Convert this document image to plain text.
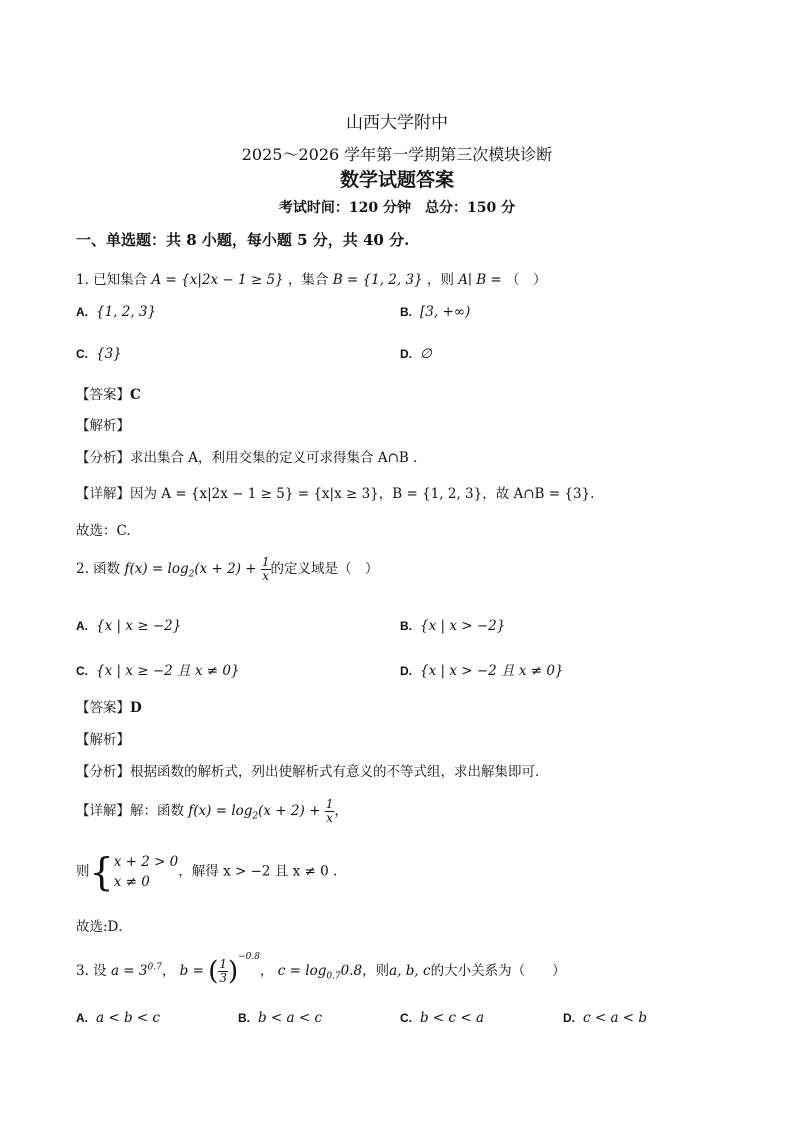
山西大学附中
2025～2026 学年第一学期第三次模块诊断
数学试题答案
考试时间：120 分钟　总分：150 分
一、单选题：共 8 小题，每小题 5 分，共 40 分.
1. 已知集合 A = {x|2x − 1 ≥ 5} ，集合 B = {1, 2, 3} ，则 A∣ B = （　）
A. {1, 2, 3}	B. [3, +∞)
C. {3}	D. ∅
【答案】C
【解析】
【分析】求出集合 A，利用交集的定义可求得集合 A∩B .
【详解】因为 A = {x|2x − 1 ≥ 5} = {x|x ≥ 3}，B = {1, 2, 3}，故 A∩B = {3}.
故选：C.
2. 函数 $f(x) = \log_2(x + 2) + \frac{1}{x}$ 的定义域是（　）
A. {x | x ≥ −2}	B. {x | x > −2}
C. {x | x ≥ −2 且 x ≠ 0}	D. {x | x > −2 且 x ≠ 0}
【答案】D
【解析】
【分析】根据函数的解析式，列出使解析式有意义的不等式组，求出解集即可．
【详解】解：函数 $f(x) = \log_2(x + 2) + \frac{1}{x}$ ，
则{ x + 2 > 0
x ≠ 0
，解得 x > −2 且 x ≠ 0 .
故选:D．
3. 设 $a = 3^{0.7}$， b = ( $\frac{1}{3} )^{-0.8}$， $c = \log_{0.7}0.8$，则a, b, c的大小关系为（　　）
A. a < b < c	B. b < a < c	C. b < c < a	D. c < a < b
